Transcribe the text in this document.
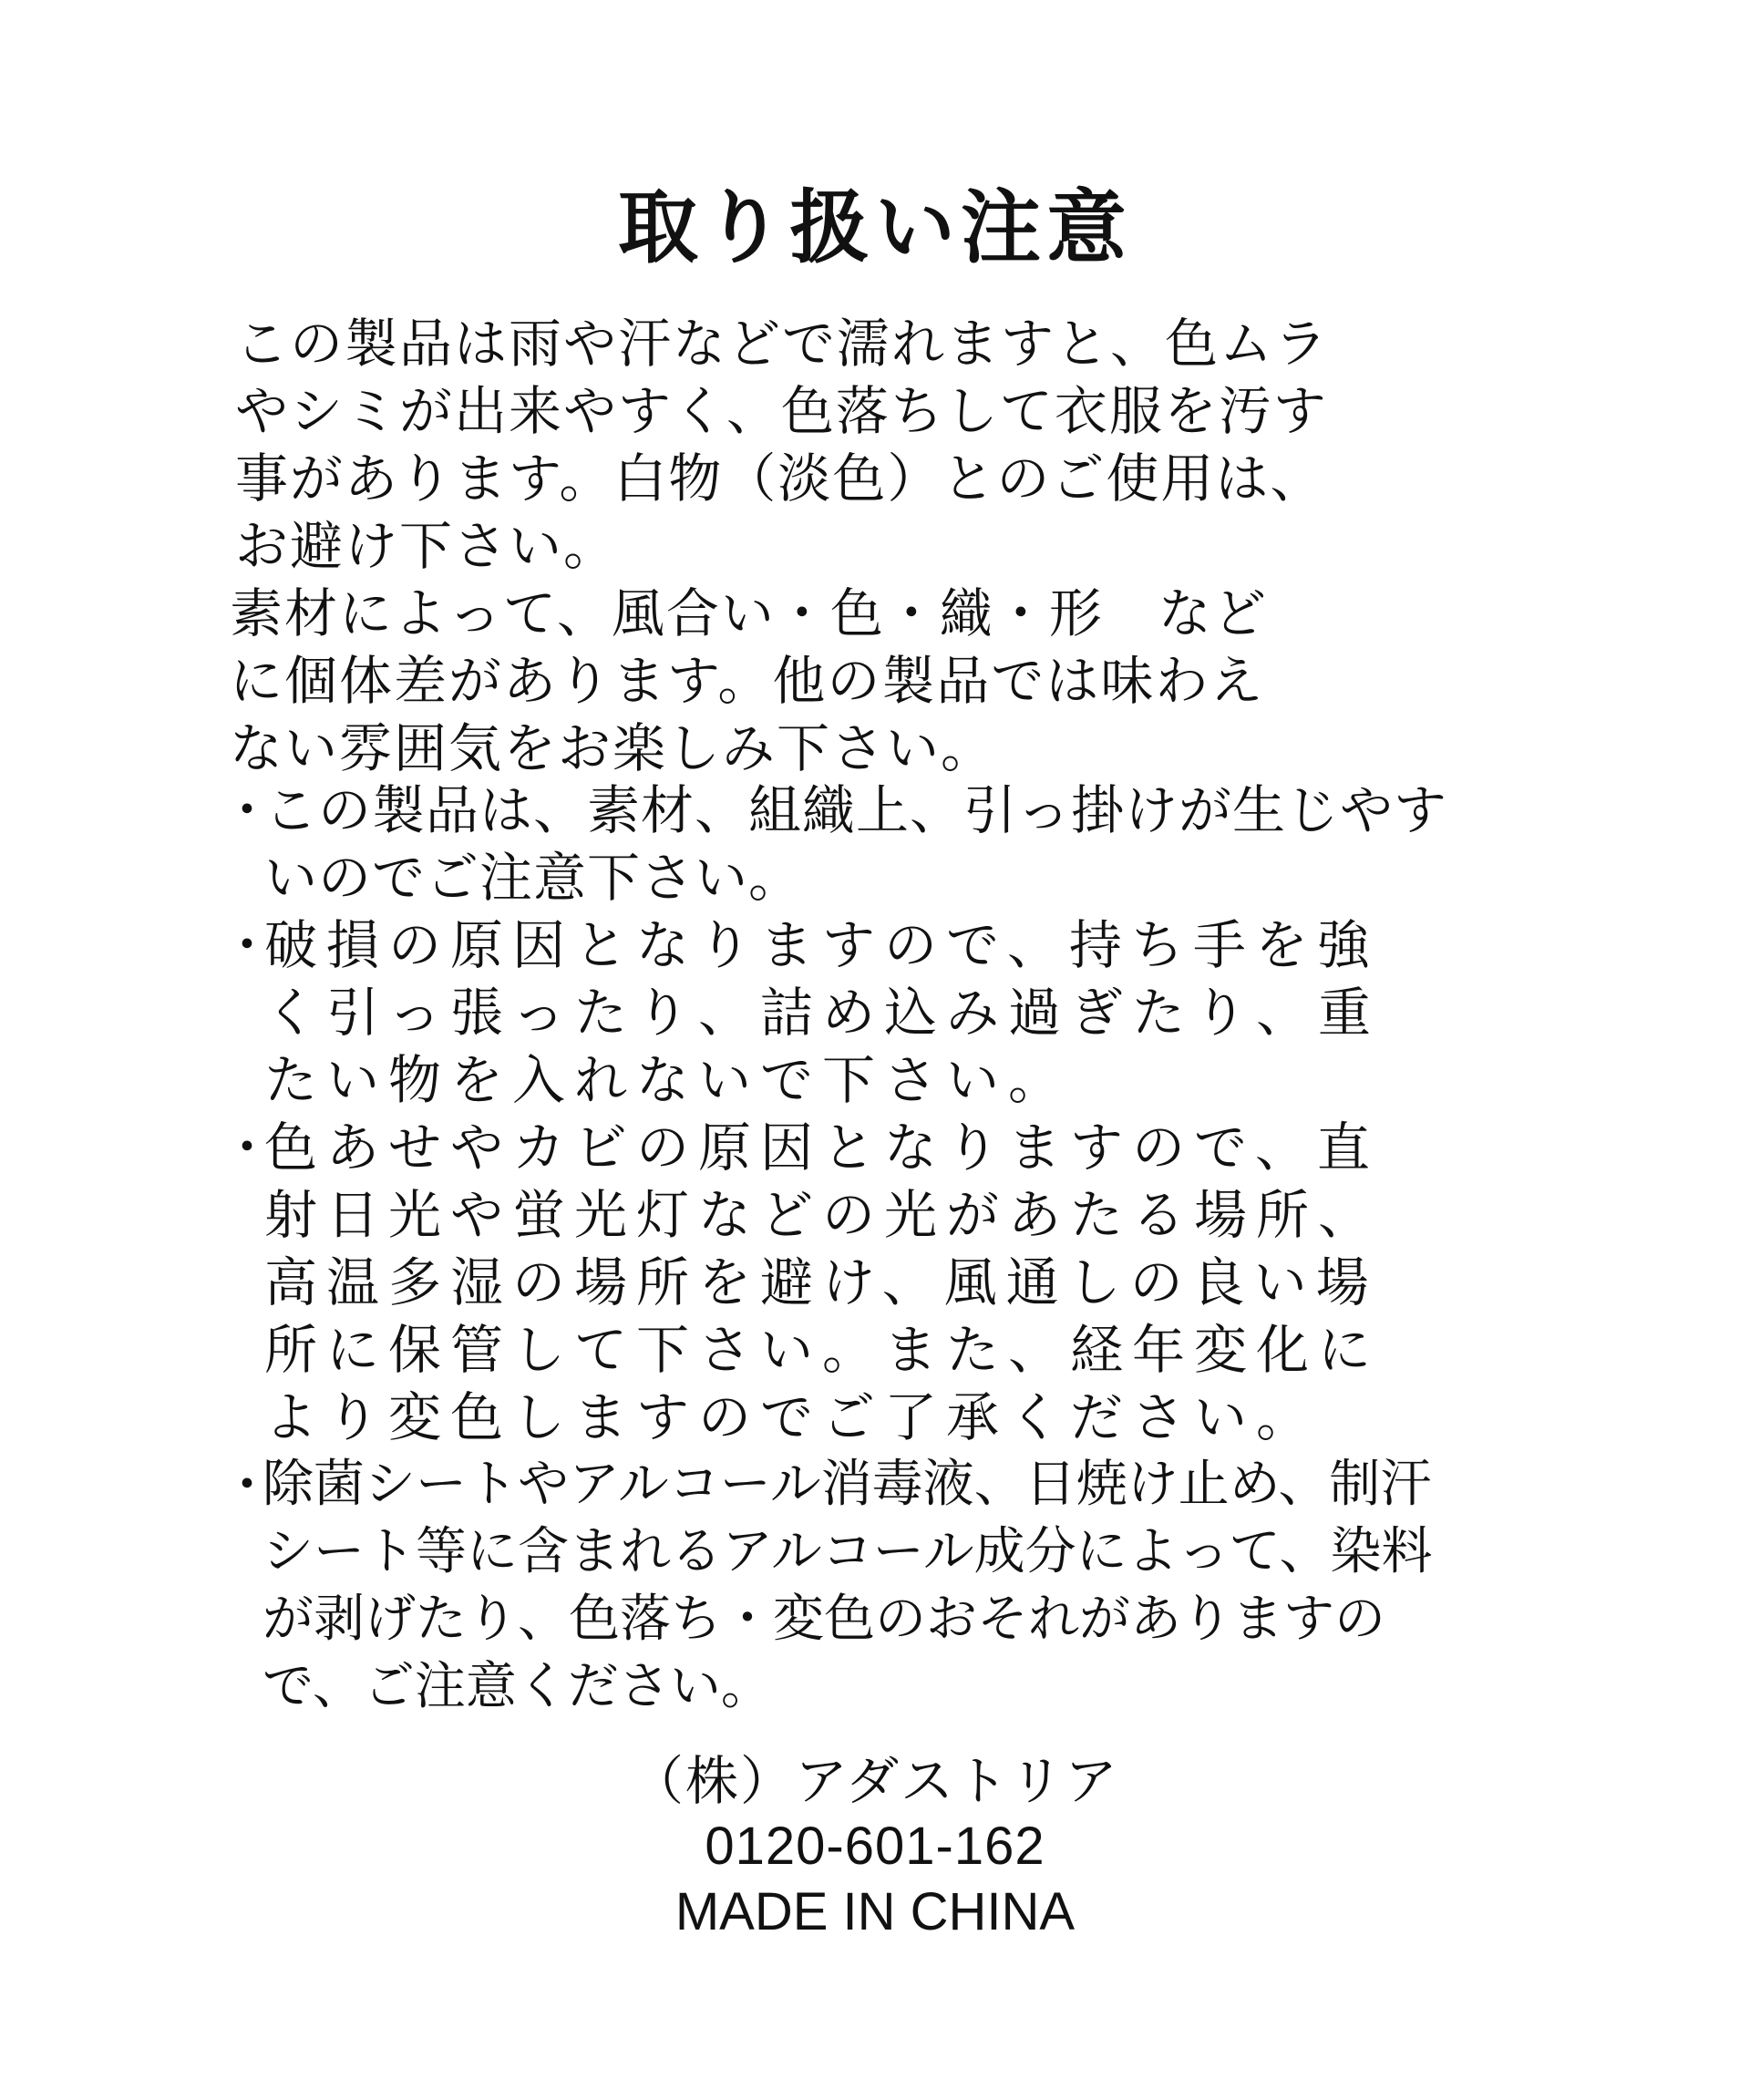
取り扱い注意
この製品は雨や汗などで濡れますと、色ムラ
やシミが出来やすく、色落ちして衣服を汚す
事があります。白物（淡色）とのご使用は、
お避け下さい。
素材によって、風合い・色・織・形　など
に個体差があります。他の製品では味わえ
ない雰囲気をお楽しみ下さい。
・
この製品は、素材、組織上、引っ掛けが生じやす
いのでご注意下さい。
・
破損の原因となりますので、持ち手を強
く引っ張ったり、詰め込み過ぎたり、重
たい物を入れないで下さい。
・
色あせやカビの原因となりますので、直
射日光や蛍光灯などの光があたる場所、
高温多湿の場所を避け、風通しの良い場
所に保管して下さい。また、経年変化に
より変色しますのでご了承ください。
・
除菌シートやアルコール消毒液、日焼け止め、制汗
シート等に含まれるアルコール成分によって、染料
が剥げたり、色落ち・変色のおそれがありますの
で、ご注意ください。
（株）アダストリア
0120-601-162
MADE IN CHINA
